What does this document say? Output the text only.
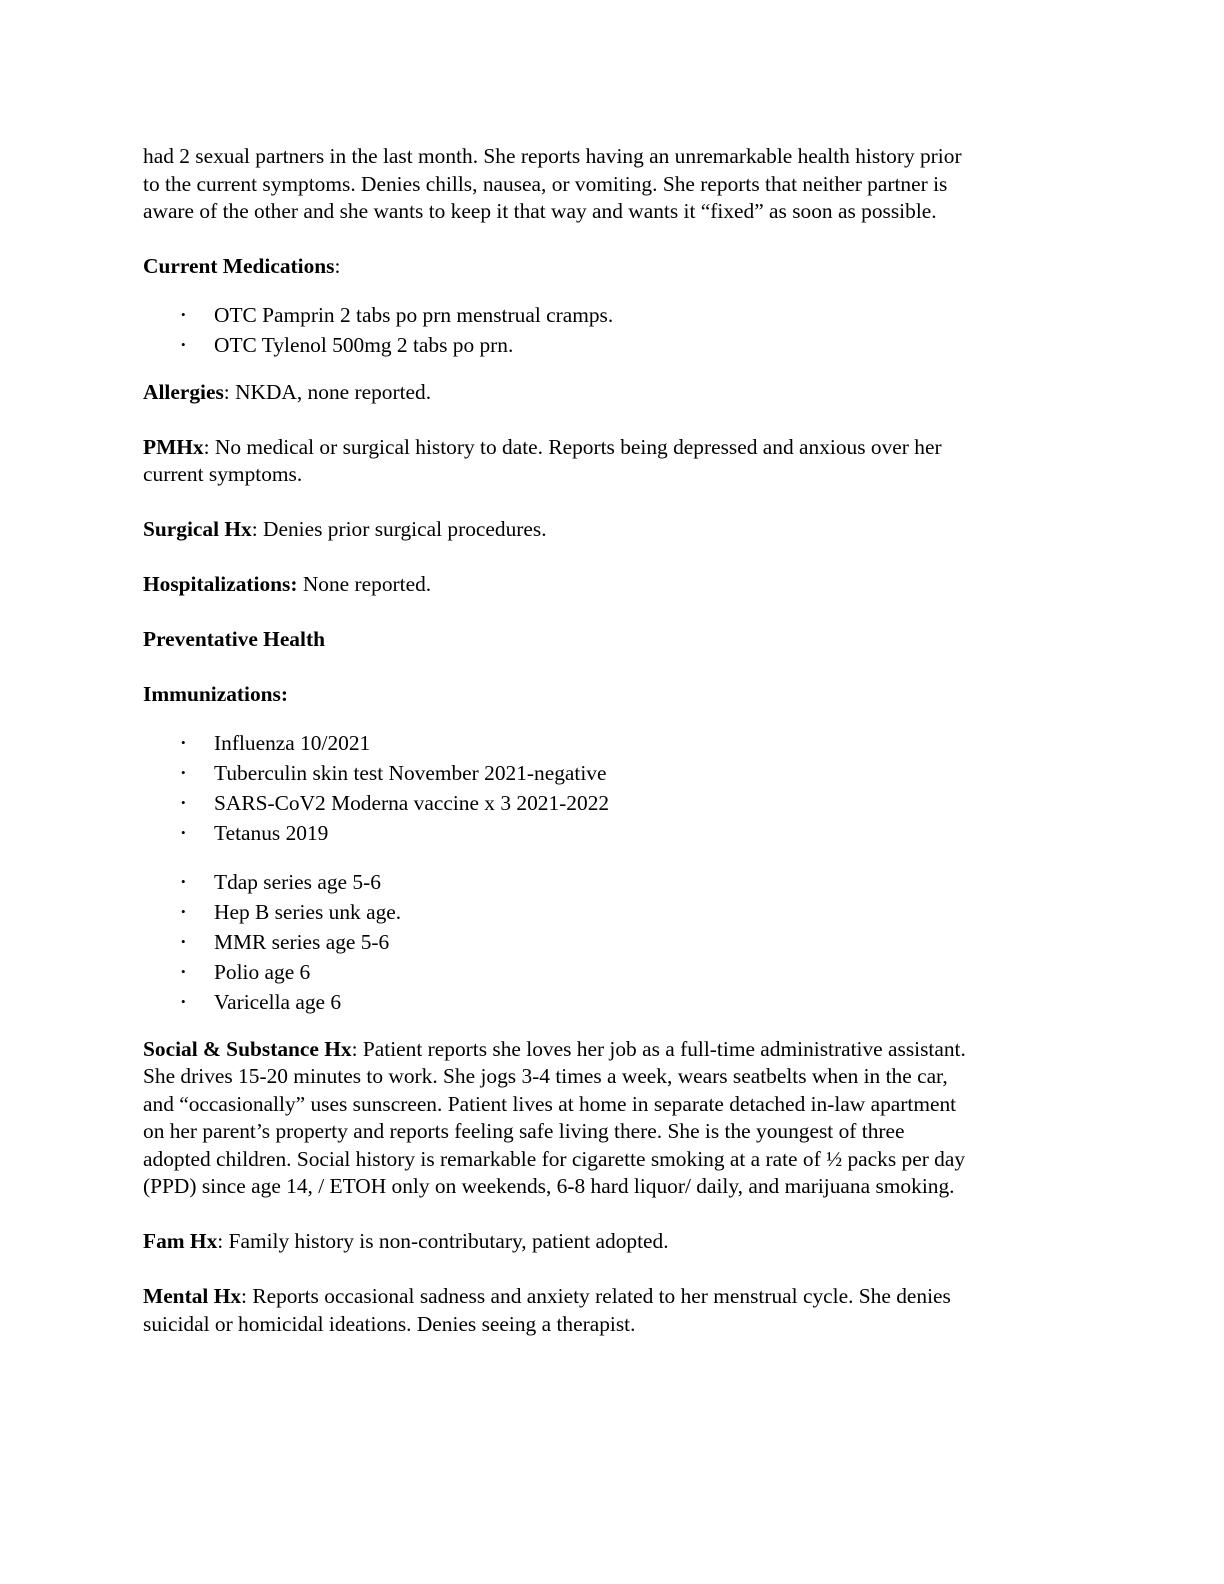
had 2 sexual partners in the last month. She reports having an unremarkable health history prior
to the current symptoms. Denies chills, nausea, or vomiting. She reports that neither partner is
aware of the other and she wants to keep it that way and wants it “fixed” as soon as possible.

Current Medications:

• OTC Pamprin 2 tabs po prn menstrual cramps.
• OTC Tylenol 500mg 2 tabs po prn.

Allergies: NKDA, none reported.

PMHx: No medical or surgical history to date. Reports being depressed and anxious over her
current symptoms.

Surgical Hx: Denies prior surgical procedures.

Hospitalizations: None reported.

Preventative Health

Immunizations:

• Influenza 10/2021
• Tuberculin skin test November 2021-negative
• SARS-CoV2 Moderna vaccine x 3 2021-2022
• Tetanus 2019
• Tdap series age 5-6
• Hep B series unk age.
• MMR series age 5-6
• Polio age 6
• Varicella age 6

Social & Substance Hx: Patient reports she loves her job as a full-time administrative assistant.
She drives 15-20 minutes to work. She jogs 3-4 times a week, wears seatbelts when in the car,
and “occasionally” uses sunscreen. Patient lives at home in separate detached in-law apartment
on her parent’s property and reports feeling safe living there. She is the youngest of three
adopted children. Social history is remarkable for cigarette smoking at a rate of ½ packs per day
(PPD) since age 14, / ETOH only on weekends, 6-8 hard liquor/ daily, and marijuana smoking.

Fam Hx: Family history is non-contributary, patient adopted.

Mental Hx: Reports occasional sadness and anxiety related to her menstrual cycle. She denies
suicidal or homicidal ideations. Denies seeing a therapist.
